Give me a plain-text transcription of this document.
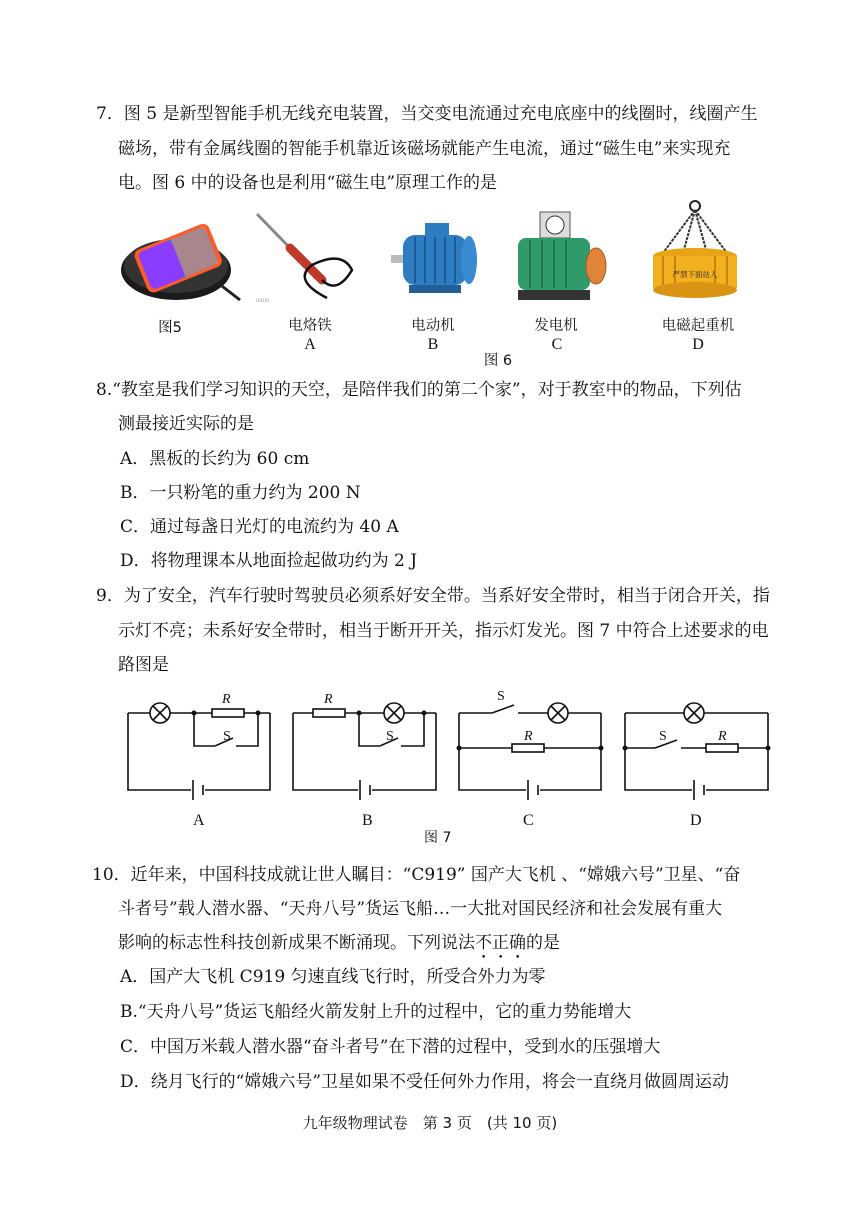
7．图 5 是新型智能手机无线充电装置，当交变电流通过充电底座中的线圈时，线圈产生
磁场，带有金属线圈的智能手机靠近该磁场就能产生电流，通过“磁生电”来实现充
电。图 6 中的设备也是利用“磁生电”原理工作的是
IIIIIIII
严禁下面站人
图5	电烙铁	电动机	发电机	电磁起重机
A	B	C	D
图 6
8.“教室是我们学习知识的天空，是陪伴我们的第二个家”，对于教室中的物品，下列估
测最接近实际的是
A．黑板的长约为 60 cm
B．一只粉笔的重力约为 200 N
C．通过每盏日光灯的电流约为 40 A
D．将物理课本从地面捡起做功约为 2 J
9．为了安全，汽车行驶时驾驶员必须系好安全带。当系好安全带时，相当于闭合开关，指
示灯不亮；未系好安全带时，相当于断开开关，指示灯发光。图 7 中符合上述要求的电
路图是
R
S
R
S
S
R	S	R
A	B	C	D
图 7
10．近年来，中国科技成就让世人瞩目：“C919” 国产大飞机 、“嫦娥六号”卫星、“奋
斗者号”载人潜水器、“天舟八号”货运飞船…一大批对国民经济和社会发展有重大
影响的标志性科技创新成果不断涌现。下列说法不正确的是
A．国产大飞机 C919 匀速直线飞行时，所受合外力为零
B.“天舟八号”货运飞船经火箭发射上升的过程中，它的重力势能增大
C．中国万米载人潜水器“奋斗者号”在下潜的过程中，受到水的压强增大
D．绕月飞行的“嫦娥六号”卫星如果不受任何外力作用，将会一直绕月做圆周运动
九年级物理试卷　第 3 页　(共 10 页)
